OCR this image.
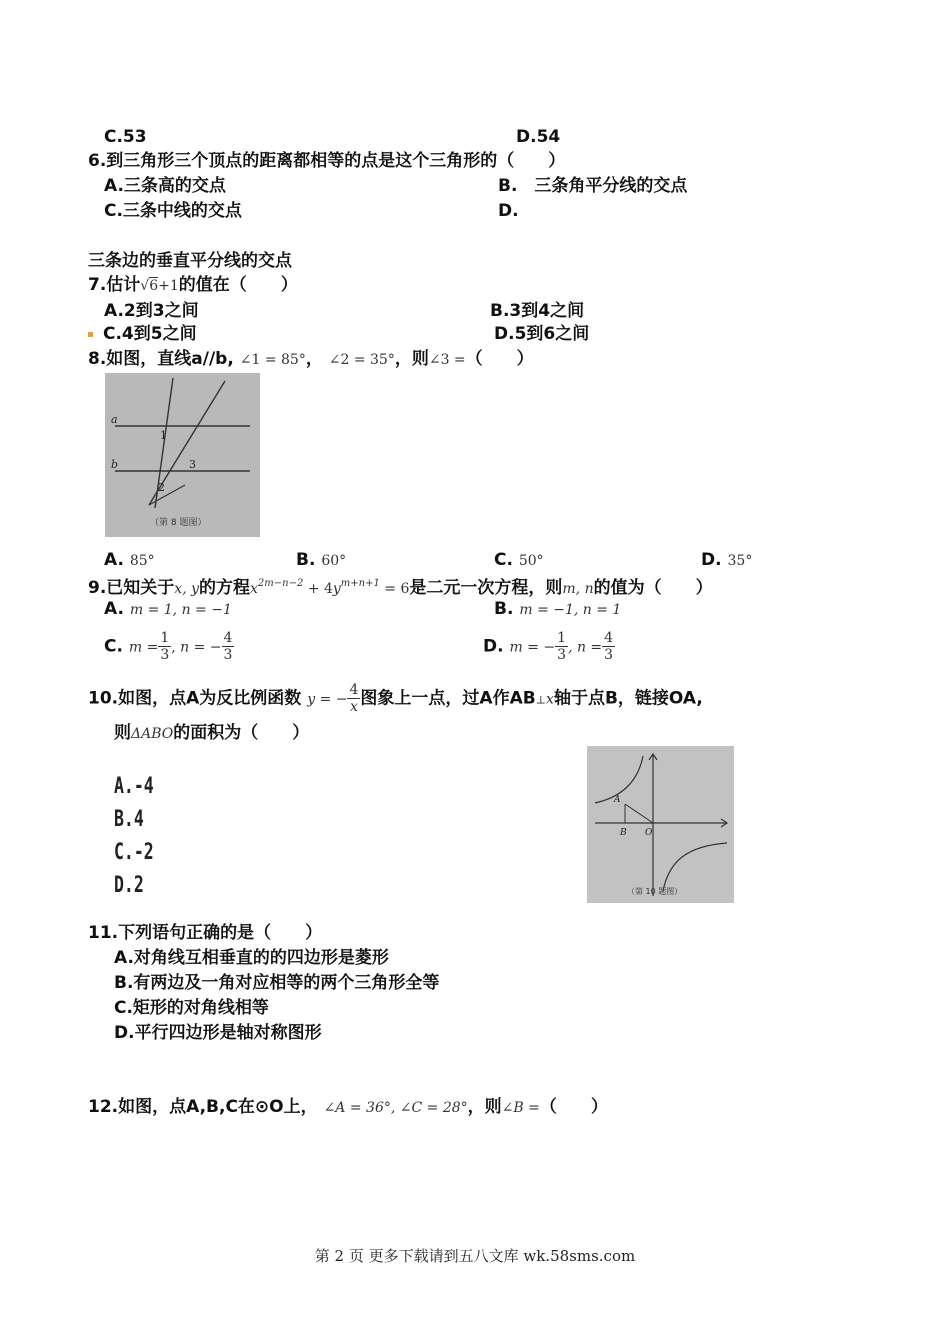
C.53	D.54
6.到三角形三个顶点的距离都相等的点是这个三角形的（　　）
A.三条高的交点	B.　三条角平分线的交点
C.三条中线的交点	D.
三条边的垂直平分线的交点
7.估计√6+1的值在（　　）
A.2到3之间	B.3到4之间
C.4到5之间	D.5到6之间
8.如图，直线a//b, ∠1 = 85°， ∠2 = 35°，则∠3 =（　　）
a
b
1
2
3
（第 8 题图）
A. 85°	B. 60°	C. 50°	D. 35°
9.已知关于x, y的方程$x^{2m-n-2} + 4y^{m+n+1} = 6$是二元一次方程，则m, n的值为（　　）
A. m = 1, n = −1	B. m = −1, n = 1
C. $m = \frac{1}{3}$ , n = − $\frac{4}{3}$	D. m = − $\frac{1}{3}$ , $n = \frac{4}{3}$
10.如图，点A为反比例函数 y = − $\frac{4}{x}$ 图象上一点，过A作AB⊥x轴于点B，链接OA,
则ΔABO的面积为（　　）
A.-4
B.4
C.-2
D.2
A
B O
（第 10 题图）
11.下列语句正确的是（　　）
A.对角线互相垂直的的四边形是菱形
B.有两边及一角对应相等的两个三角形全等
C.矩形的对角线相等
D.平行四边形是轴对称图形
12.如图，点A,B,C在⊙O上， ∠A = 36°, ∠C = 28°，则∠B =（　　）
第 2 页 更多下载请到五八文库 wk.58sms.com
